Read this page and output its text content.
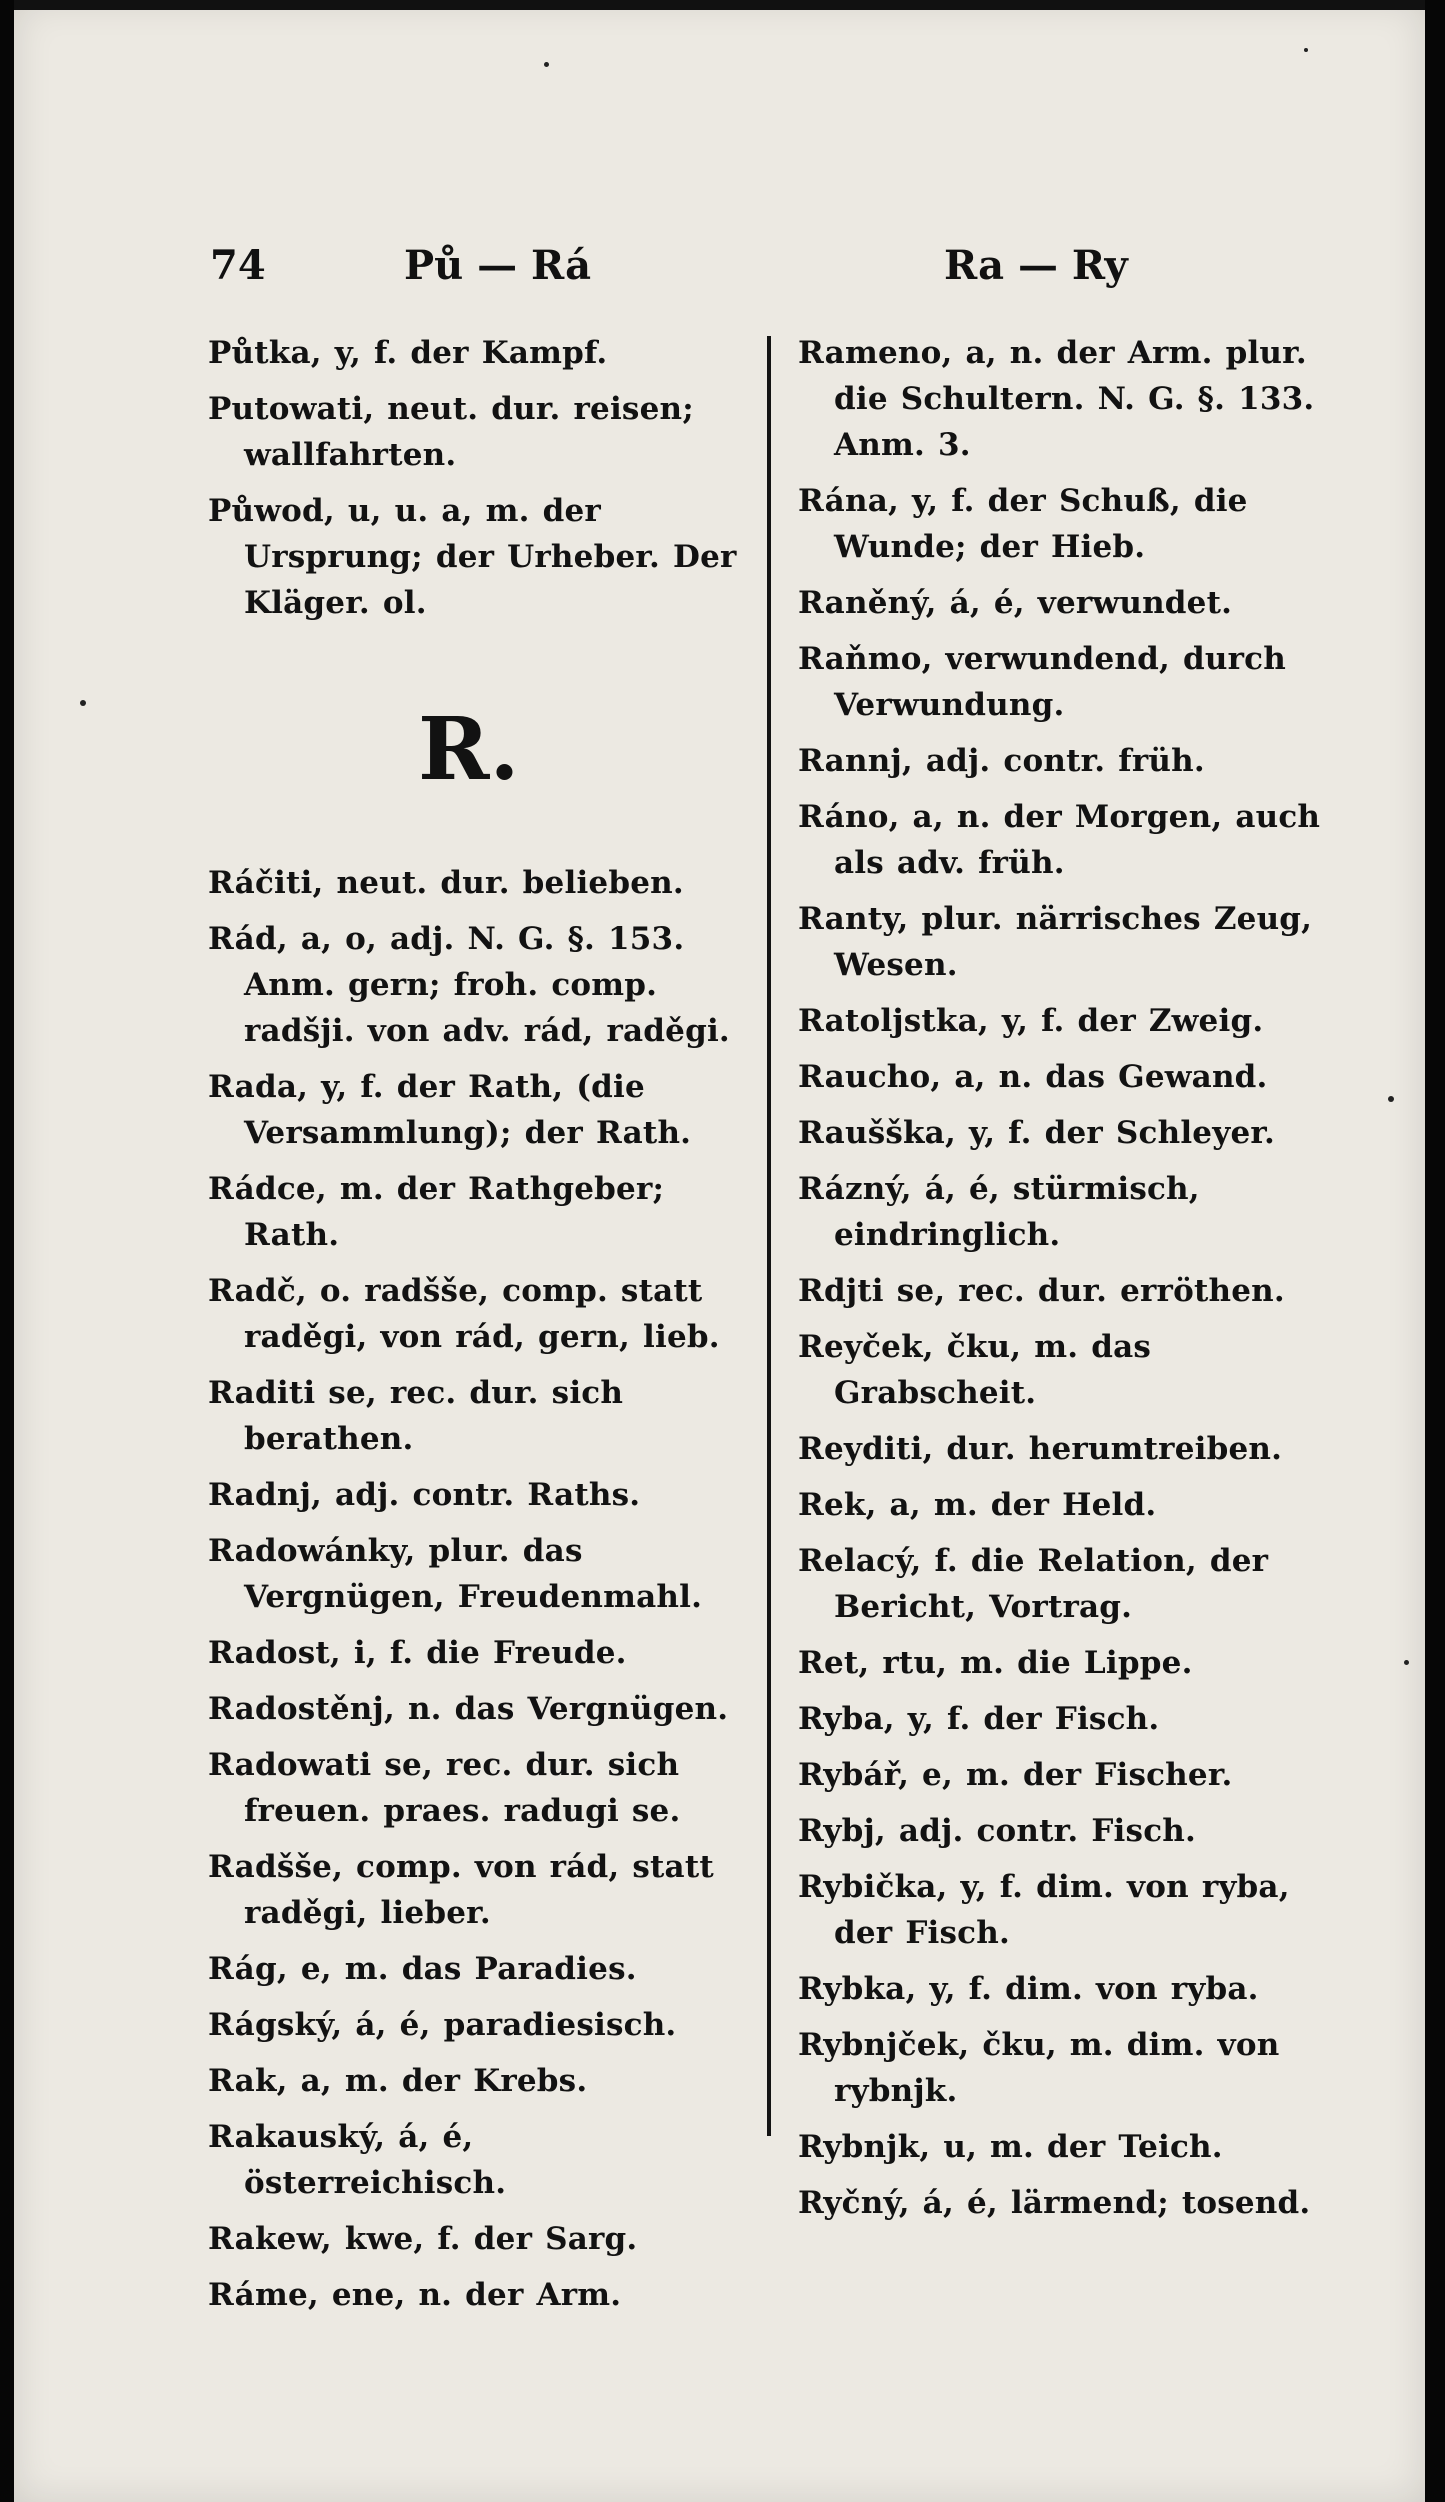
74	Pů — Rá	Ra — Ry
Půtka, y, f. der Kampf.
Putowati, neut. dur. reisen; wallfahrten.
Půwod, u, u. a, m. der Ursprung; der Urheber. Der Kläger. ol.
R.
Ráčiti, neut. dur. belieben.
Rád, a, o, adj. N. G. §. 153. Anm. gern; froh. comp. radšji. von adv. rád, raděgi.
Rada, y, f. der Rath, (die Versammlung); der Rath.
Rádce, m. der Rathgeber; Rath.
Radč, o. radšše, comp. statt raděgi, von rád, gern, lieb.
Raditi se, rec. dur. sich berathen.
Radnj, adj. contr. Raths.
Radowánky, plur. das Vergnügen, Freudenmahl.
Radost, i, f. die Freude.
Radostěnj, n. das Vergnügen.
Radowati se, rec. dur. sich freuen. praes. radugi se.
Radšše, comp. von rád, statt raděgi, lieber.
Rág, e, m. das Paradies.
Rágský, á, é, paradiesisch.
Rak, a, m. der Krebs.
Rakauský, á, é, österreichisch.
Rakew, kwe, f. der Sarg.
Ráme, ene, n. der Arm.
Rameno, a, n. der Arm. plur. die Schultern. N. G. §. 133. Anm. 3.
Rána, y, f. der Schuß, die Wunde; der Hieb.
Raněný, á, é, verwundet.
Raňmo, verwundend, durch Verwundung.
Rannj, adj. contr. früh.
Ráno, a, n. der Morgen, auch als adv. früh.
Ranty, plur. närrisches Zeug, Wesen.
Ratoljstka, y, f. der Zweig.
Raucho, a, n. das Gewand.
Raušška, y, f. der Schleyer.
Rázný, á, é, stürmisch, eindringlich.
Rdjti se, rec. dur. erröthen.
Reyček, čku, m. das Grabscheit.
Reyditi, dur. herumtreiben.
Rek, a, m. der Held.
Relacý, f. die Relation, der Bericht, Vortrag.
Ret, rtu, m. die Lippe.
Ryba, y, f. der Fisch.
Rybář, e, m. der Fischer.
Rybj, adj. contr. Fisch.
Rybička, y, f. dim. von ryba, der Fisch.
Rybka, y, f. dim. von ryba.
Rybnjček, čku, m. dim. von rybnjk.
Rybnjk, u, m. der Teich.
Ryčný, á, é, lärmend; tosend.
